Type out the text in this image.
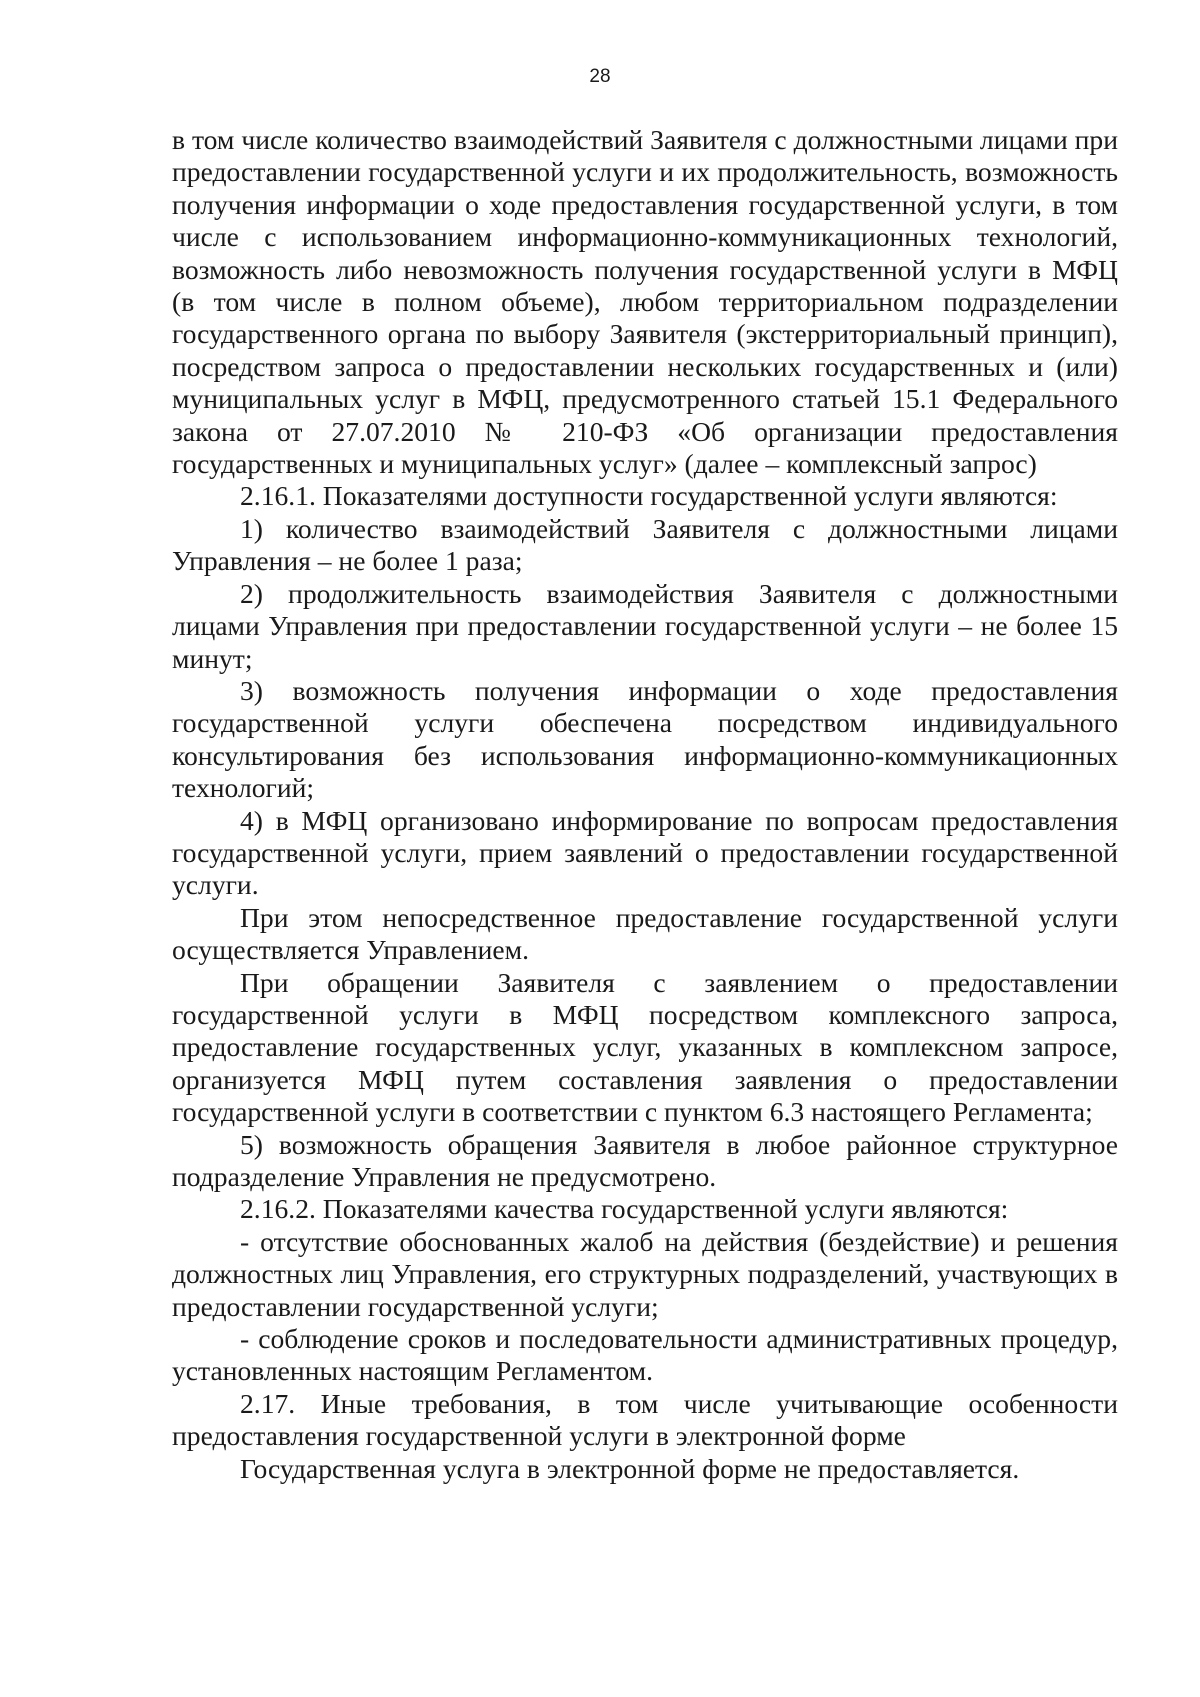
28

в том числе количество взаимодействий Заявителя с должностными лицами при предоставлении государственной услуги и их продолжительность, возможность получения информации о ходе предоставления государственной услуги, в том числе с использованием информационно-коммуникационных технологий, возможность либо невозможность получения государственной услуги в МФЦ (в том числе в полном объеме), любом территориальном подразделении государственного органа по выбору Заявителя (экстерриториальный принцип), посредством запроса о предоставлении нескольких государственных и (или) муниципальных услуг в МФЦ, предусмотренного статьей 15.1 Федерального закона от 27.07.2010 № 210-ФЗ «Об организации предоставления государственных и муниципальных услуг» (далее – комплексный запрос)

2.16.1. Показателями доступности государственной услуги являются:

1) количество взаимодействий Заявителя с должностными лицами Управления – не более 1 раза;

2) продолжительность взаимодействия Заявителя с должностными лицами Управления при предоставлении государственной услуги – не более 15 минут;

3) возможность получения информации о ходе предоставления государственной услуги обеспечена посредством индивидуального консультирования без использования информационно-коммуникационных технологий;

4) в МФЦ организовано информирование по вопросам предоставления государственной услуги, прием заявлений о предоставлении государственной услуги.

При этом непосредственное предоставление государственной услуги осуществляется Управлением.

При обращении Заявителя с заявлением о предоставлении государственной услуги в МФЦ посредством комплексного запроса, предоставление государственных услуг, указанных в комплексном запросе, организуется МФЦ путем составления заявления о предоставлении государственной услуги в соответствии с пунктом 6.3 настоящего Регламента;

5) возможность обращения Заявителя в любое районное структурное подразделение Управления не предусмотрено.

2.16.2. Показателями качества государственной услуги являются:

- отсутствие обоснованных жалоб на действия (бездействие) и решения должностных лиц Управления, его структурных подразделений, участвующих в предоставлении государственной услуги;

- соблюдение сроков и последовательности административных процедур, установленных настоящим Регламентом.

2.17. Иные требования, в том числе учитывающие особенности предоставления государственной услуги в электронной форме

Государственная услуга в электронной форме не предоставляется.
